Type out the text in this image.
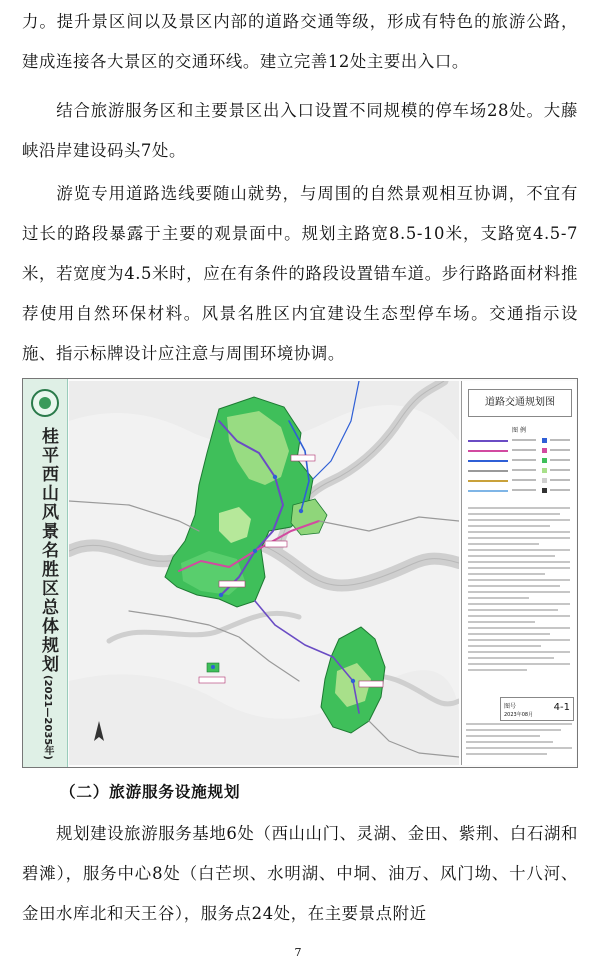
力。提升景区间以及景区内部的道路交通等级，形成有特色的旅游公路，建成连接各大景区的交通环线。建立完善12处主要出入口。

结合旅游服务区和主要景区出入口设置不同规模的停车场28处。大藤峡沿岸建设码头7处。

游览专用道路选线要随山就势，与周围的自然景观相互协调，不宜有过长的路段暴露于主要的观景面中。规划主路宽8.5-10米，支路宽4.5-7米，若宽度为4.5米时，应在有条件的路段设置错车道。步行路路面材料推荐使用自然环保材料。风景名胜区内宜建设生态型停车场。交通指示设施、指示标牌设计应注意与周围环境协调。

桂平西山风景名胜区总体规划
(2021—2035年)
道路交通规划图
图 例
图号	4-1
2023年08月
（二）旅游服务设施规划

规划建设旅游服务基地6处（西山山门、灵湖、金田、紫荆、白石湖和碧滩），服务中心8处（白芒坝、水明湖、中垌、油万、风门坳、十八河、金田水库北和天王谷），服务点24处，在主要景点附近

7
